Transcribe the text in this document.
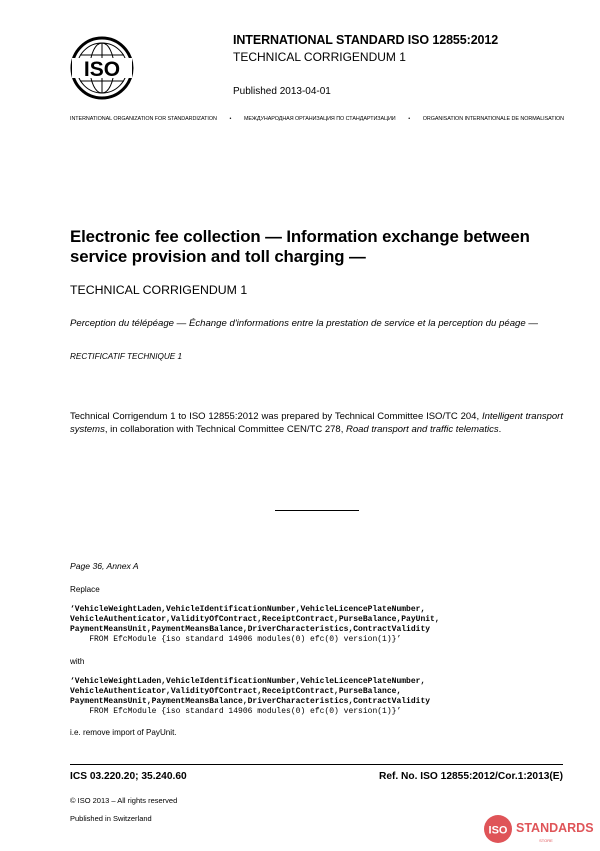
ISO
INTERNATIONAL STANDARD ISO 12855:2012
TECHNICAL CORRIGENDUM 1
Published 2013-04-01
INTERNATIONAL ORGANIZATION FOR STANDARDIZATION • МЕЖДУНАРОДНАЯ ОРГАНИЗАЦИЯ ПО СТАНДАРТИЗАЦИИ • ORGANISATION INTERNATIONALE DE NORMALISATION
Electronic fee collection — Information exchange between service provision and toll charging —
TECHNICAL CORRIGENDUM 1
Perception du télépéage — Échange d'informations entre la prestation de service et la perception du péage —
RECTIFICATIF TECHNIQUE 1
Technical Corrigendum 1 to ISO 12855:2012 was prepared by Technical Committee ISO/TC 204, Intelligent transport systems, in collaboration with Technical Committee CEN/TC 278, Road transport and traffic telematics.
Page 36, Annex A
Replace
‘VehicleWeightLaden,VehicleIdentificationNumber,VehicleLicencePlateNumber,
VehicleAuthenticator,ValidityOfContract,ReceiptContract,PurseBalance,PayUnit,
PaymentMeansUnit,PaymentMeansBalance,DriverCharacteristics,ContractValidity
FROM EfcModule {iso standard 14906 modules(0) efc(0) version(1)}’
with
‘VehicleWeightLaden,VehicleIdentificationNumber,VehicleLicencePlateNumber,
VehicleAuthenticator,ValidityOfContract,ReceiptContract,PurseBalance,
PaymentMeansUnit,PaymentMeansBalance,DriverCharacteristics,ContractValidity
FROM EfcModule {iso standard 14906 modules(0) efc(0) version(1)}’
i.e. remove import of PayUnit.
ICS 03.220.20; 35.240.60	Ref. No. ISO 12855:2012/Cor.1:2013(E)
© ISO 2013 – All rights reserved
Published in Switzerland
ISO STANDARDS
STORE
